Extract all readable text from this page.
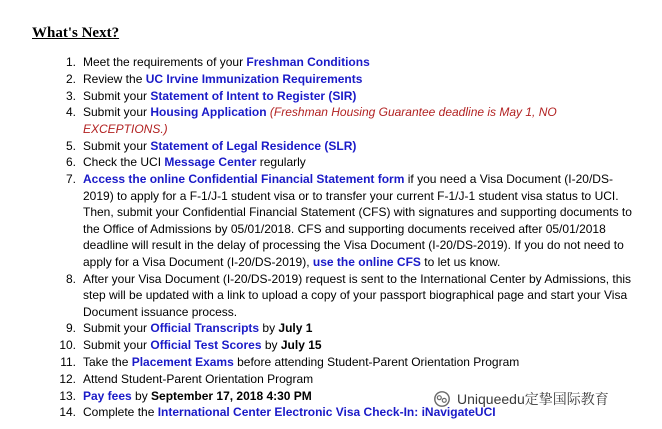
What's Next?
1. Meet the requirements of your Freshman Conditions
2. Review the UC Irvine Immunization Requirements
3. Submit your Statement of Intent to Register (SIR)
4. Submit your Housing Application (Freshman Housing Guarantee deadline is May 1, NO EXCEPTIONS.)
5. Submit your Statement of Legal Residence (SLR)
6. Check the UCI Message Center regularly
7. Access the online Confidential Financial Statement form if you need a Visa Document (I-20/DS-2019) to apply for a F-1/J-1 student visa or to transfer your current F-1/J-1 student visa status to UCI. Then, submit your Confidential Financial Statement (CFS) with signatures and supporting documents to the Office of Admissions by 05/01/2018. CFS and supporting documents received after 05/01/2018 deadline will result in the delay of processing the Visa Document (I-20/DS-2019). If you do not need to apply for a Visa Document (I-20/DS-2019), use the online CFS to let us know.
8. After your Visa Document (I-20/DS-2019) request is sent to the International Center by Admissions, this step will be updated with a link to upload a copy of your passport biographical page and start your Visa Document issuance process.
9. Submit your Official Transcripts by July 1
10. Submit your Official Test Scores by July 15
11. Take the Placement Exams before attending Student-Parent Orientation Program
12. Attend Student-Parent Orientation Program
13. Pay fees by September 17, 2018 4:30 PM
14. Complete the International Center Electronic Visa Check-In: iNavigateUCI
Uniqueedu定挚国际教育
